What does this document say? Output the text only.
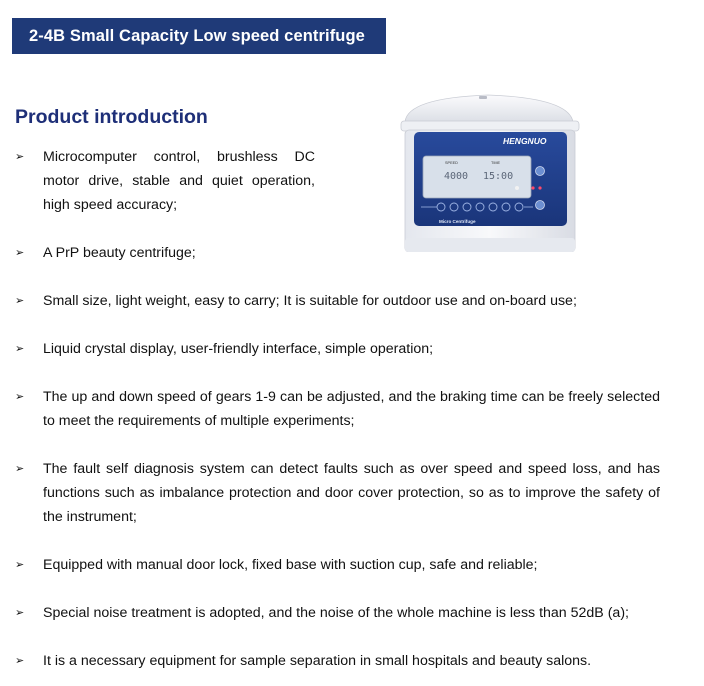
2-4B Small Capacity Low speed centrifuge
Product introduction
HENGNUO
SPEED	TIME
4000 15:00
Micro Centrifuge
➢	Microcomputer control, brushless DC motor drive, stable and quiet operation, high speed accuracy;
➢	A PrP beauty centrifuge;
➢	Small size, light weight, easy to carry; It is suitable for outdoor use and on-board use;
➢	Liquid crystal display, user-friendly interface, simple operation;
➢	The up and down speed of gears 1-9 can be adjusted, and the braking time can be freely selected to meet the requirements of multiple experiments;
➢	The fault self diagnosis system can detect faults such as over speed and speed loss, and has functions such as imbalance protection and door cover protection, so as to improve the safety of the instrument;
➢	Equipped with manual door lock, fixed base with suction cup, safe and reliable;
➢	Special noise treatment is adopted, and the noise of the whole machine is less than 52dB (a);
➢	It is a necessary equipment for sample separation in small hospitals and beauty salons.
